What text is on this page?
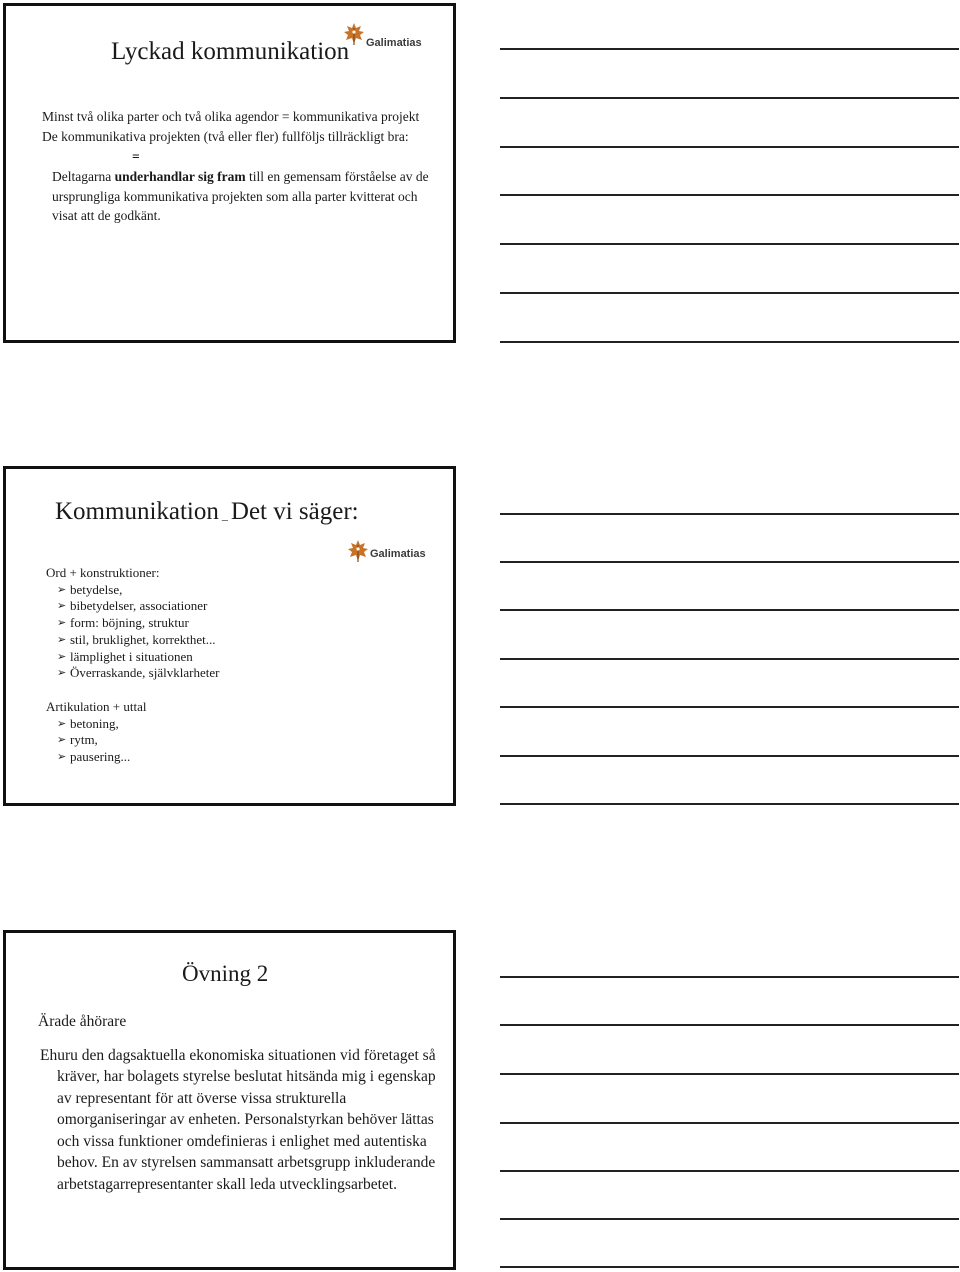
Galimatias
Lyckad kommunikation

Minst två olika parter och två olika agendor = kommunikativa projekt

De kommunikativa projekten (två eller fler) fullföljs tillräckligt bra:

=

Deltagarna underhandlar sig fram till en gemensam förståelse av de ursprungliga kommunikativa projekten som alla parter kvitterat och visat att de godkänt.

Kommunikation – Det vi säger:
Galimatias
Ord + konstruktioner:
➢ betydelse,
➢ bibetydelser, associationer
➢ form: böjning, struktur
➢ stil, bruklighet, korrekthet...
➢ lämplighet i situationen
➢ Överraskande, självklarheter
Artikulation + uttal
➢ betoning,
➢ rytm,
➢ pausering...
Övning 2

Ärade åhörare

Ehuru den dagsaktuella ekonomiska situationen vid företaget så kräver, har bolagets styrelse beslutat hitsända mig i egenskap av representant för att överse vissa strukturella omorganiseringar av enheten. Personalstyrkan behöver lättas och vissa funktioner omdefinieras i enlighet med autentiska behov. En av styrelsen sammansatt arbetsgrupp inkluderande arbetstagarrepresentanter skall leda utvecklingsarbetet.
